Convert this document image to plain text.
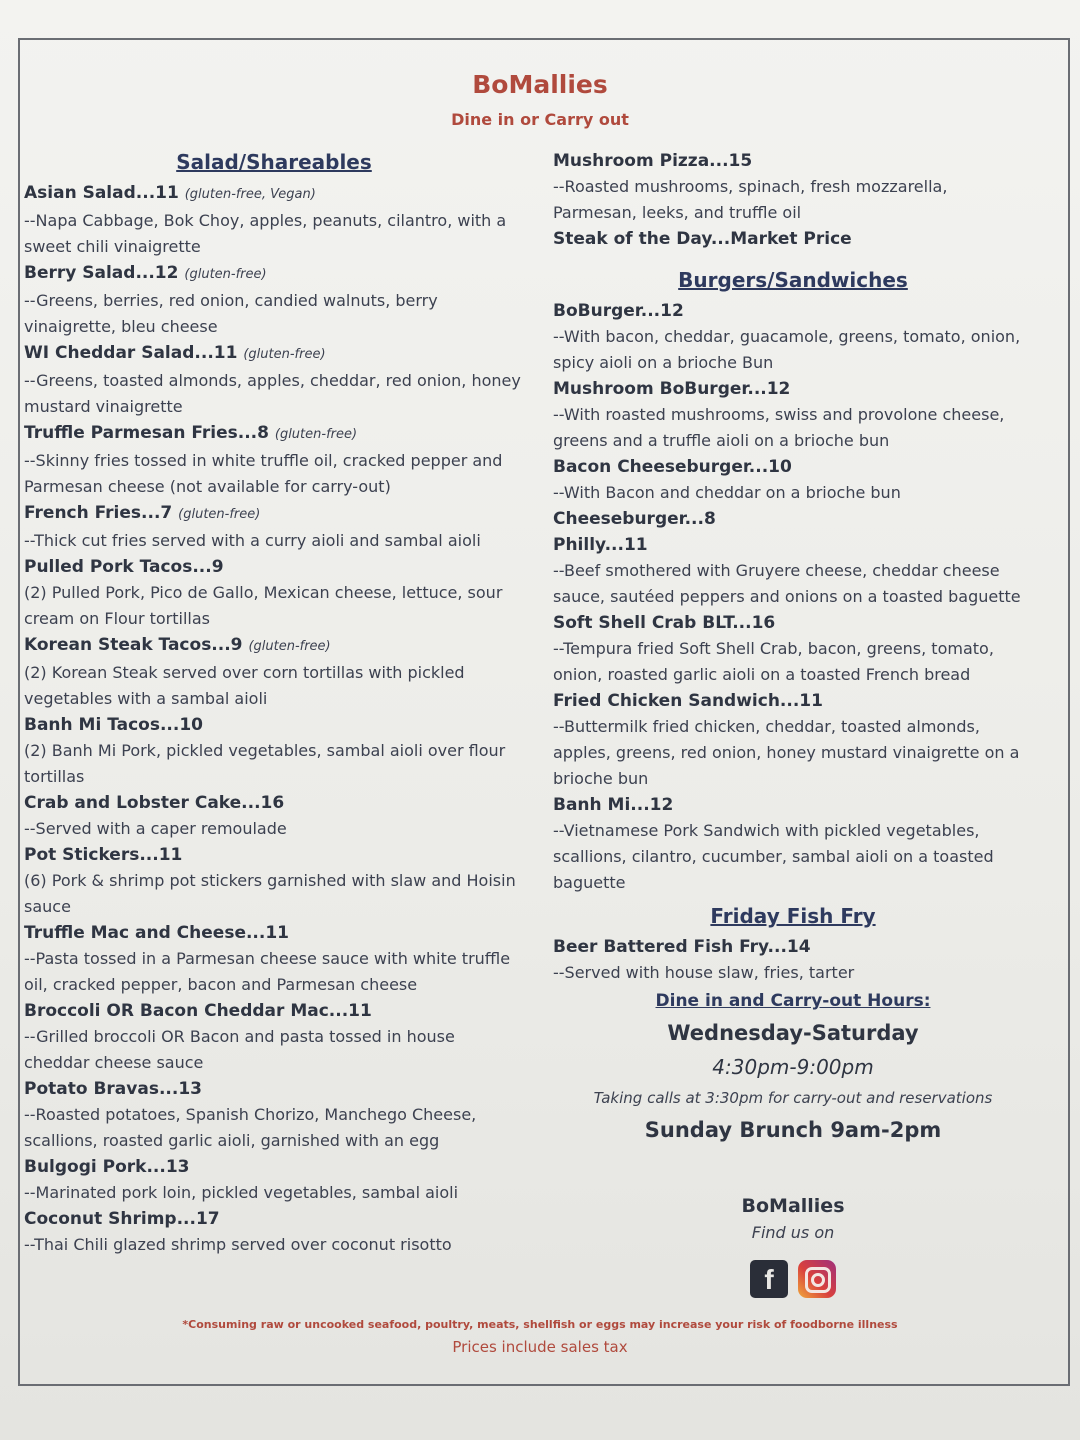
BoMallies
Dine in or Carry out
Salad/Shareables
Asian Salad...11 (gluten-free, Vegan)
--Napa Cabbage, Bok Choy, apples, peanuts, cilantro, with a sweet chili vinaigrette
Berry Salad...12 (gluten-free)
--Greens, berries, red onion, candied walnuts, berry vinaigrette, bleu cheese
WI Cheddar Salad...11 (gluten-free)
--Greens, toasted almonds, apples, cheddar, red onion, honey mustard vinaigrette
Truffle Parmesan Fries...8 (gluten-free)
--Skinny fries tossed in white truffle oil, cracked pepper and Parmesan cheese (not available for carry-out)
French Fries...7 (gluten-free)
--Thick cut fries served with a curry aioli and sambal aioli
Pulled Pork Tacos...9
(2) Pulled Pork, Pico de Gallo, Mexican cheese, lettuce, sour cream on Flour tortillas
Korean Steak Tacos...9 (gluten-free)
(2) Korean Steak served over corn tortillas with pickled vegetables with a sambal aioli
Banh Mi Tacos...10
(2) Banh Mi Pork, pickled vegetables, sambal aioli over flour tortillas
Crab and Lobster Cake...16
--Served with a caper remoulade
Pot Stickers...11
(6) Pork & shrimp pot stickers garnished with slaw and Hoisin sauce
Truffle Mac and Cheese...11
--Pasta tossed in a Parmesan cheese sauce with white truffle oil, cracked pepper, bacon and Parmesan cheese
Broccoli OR Bacon Cheddar Mac...11
--Grilled broccoli OR Bacon and pasta tossed in house cheddar cheese sauce
Potato Bravas...13
--Roasted potatoes, Spanish Chorizo, Manchego Cheese, scallions, roasted garlic aioli, garnished with an egg
Bulgogi Pork...13
--Marinated pork loin, pickled vegetables, sambal aioli
Coconut Shrimp...17
--Thai Chili glazed shrimp served over coconut risotto
Mushroom Pizza...15
--Roasted mushrooms, spinach, fresh mozzarella, Parmesan, leeks, and truffle oil
Steak of the Day...Market Price
Burgers/Sandwiches
BoBurger...12
--With bacon, cheddar, guacamole, greens, tomato, onion, spicy aioli on a brioche Bun
Mushroom BoBurger...12
--With roasted mushrooms, swiss and provolone cheese, greens and a truffle aioli on a brioche bun
Bacon Cheeseburger...10
--With Bacon and cheddar on a brioche bun
Cheeseburger...8
Philly...11
--Beef smothered with Gruyere cheese, cheddar cheese sauce, sautéed peppers and onions on a toasted baguette
Soft Shell Crab BLT...16
--Tempura fried Soft Shell Crab, bacon, greens, tomato, onion, roasted garlic aioli on a toasted French bread
Fried Chicken Sandwich...11
--Buttermilk fried chicken, cheddar, toasted almonds, apples, greens, red onion, honey mustard vinaigrette on a brioche bun
Banh Mi...12
--Vietnamese Pork Sandwich with pickled vegetables, scallions, cilantro, cucumber, sambal aioli on a toasted baguette
Friday Fish Fry
Beer Battered Fish Fry...14
--Served with house slaw, fries, tarter
Dine in and Carry-out Hours:
Wednesday-Saturday
4:30pm-9:00pm
Taking calls at 3:30pm for carry-out and reservations
Sunday Brunch 9am-2pm
BoMallies
Find us on
f
*Consuming raw or uncooked seafood, poultry, meats, shellfish or eggs may increase your risk of foodborne illness
Prices include sales tax
